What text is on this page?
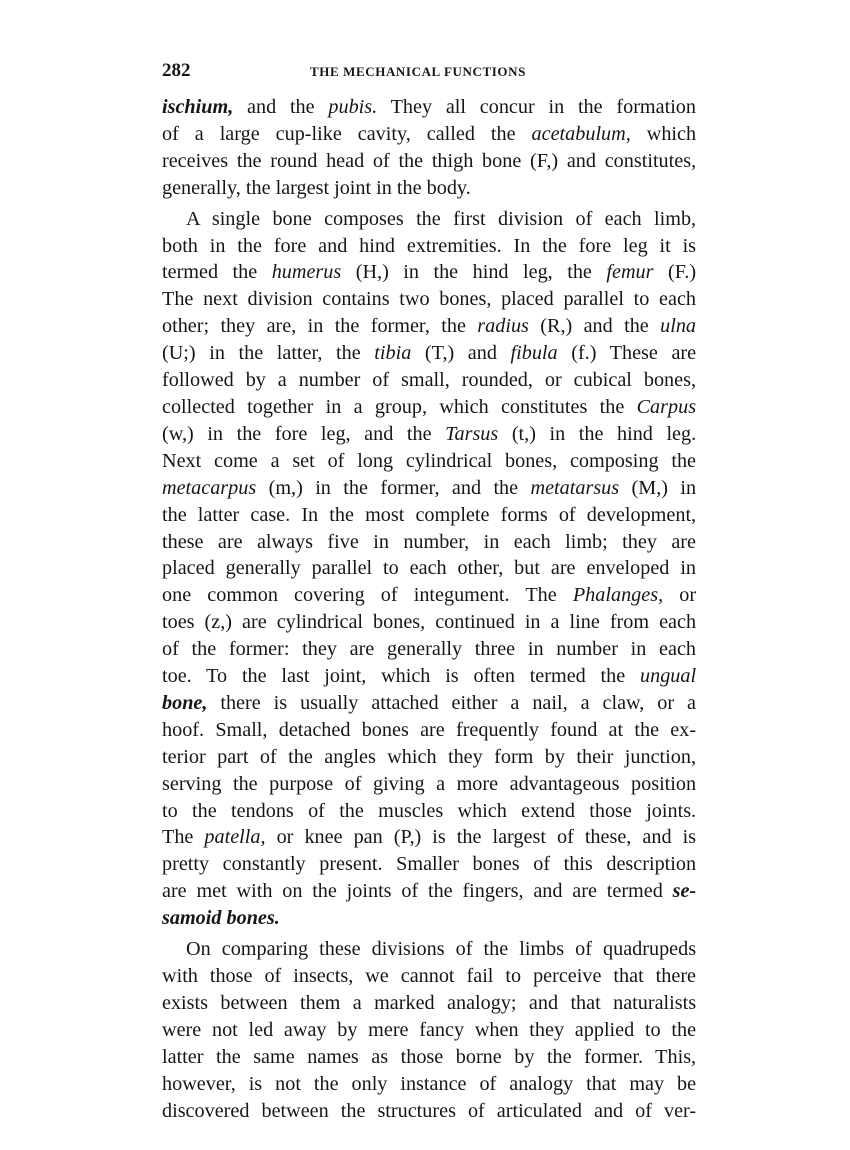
282	THE MECHANICAL FUNCTIONS

ischium, and the pubis. They all concur in the formation
of a large cup-like cavity, called the acetabulum, which
receives the round head of the thigh bone (F,) and constitutes,
generally, the largest joint in the body.

A single bone composes the first division of each limb,
both in the fore and hind extremities. In the fore leg it is
termed the humerus (H,) in the hind leg, the femur (F.)
The next division contains two bones, placed parallel to each
other; they are, in the former, the radius (R,) and the ulna
(U;) in the latter, the tibia (T,) and fibula (f.) These are
followed by a number of small, rounded, or cubical bones,
collected together in a group, which constitutes the Carpus
(w,) in the fore leg, and the Tarsus (t,) in the hind leg.
Next come a set of long cylindrical bones, composing the
metacarpus (m,) in the former, and the metatarsus (M,) in
the latter case. In the most complete forms of development,
these are always five in number, in each limb; they are
placed generally parallel to each other, but are enveloped in
one common covering of integument. The Phalanges, or
toes (z,) are cylindrical bones, continued in a line from each
of the former: they are generally three in number in each
toe. To the last joint, which is often termed the ungual
bone, there is usually attached either a nail, a claw, or a
hoof. Small, detached bones are frequently found at the ex-
terior part of the angles which they form by their junction,
serving the purpose of giving a more advantageous position
to the tendons of the muscles which extend those joints.
The patella, or knee pan (P,) is the largest of these, and is
pretty constantly present. Smaller bones of this description
are met with on the joints of the fingers, and are termed se-
samoid bones.

On comparing these divisions of the limbs of quadrupeds
with those of insects, we cannot fail to perceive that there
exists between them a marked analogy; and that naturalists
were not led away by mere fancy when they applied to the
latter the same names as those borne by the former. This,
however, is not the only instance of analogy that may be
discovered between the structures of articulated and of ver-
